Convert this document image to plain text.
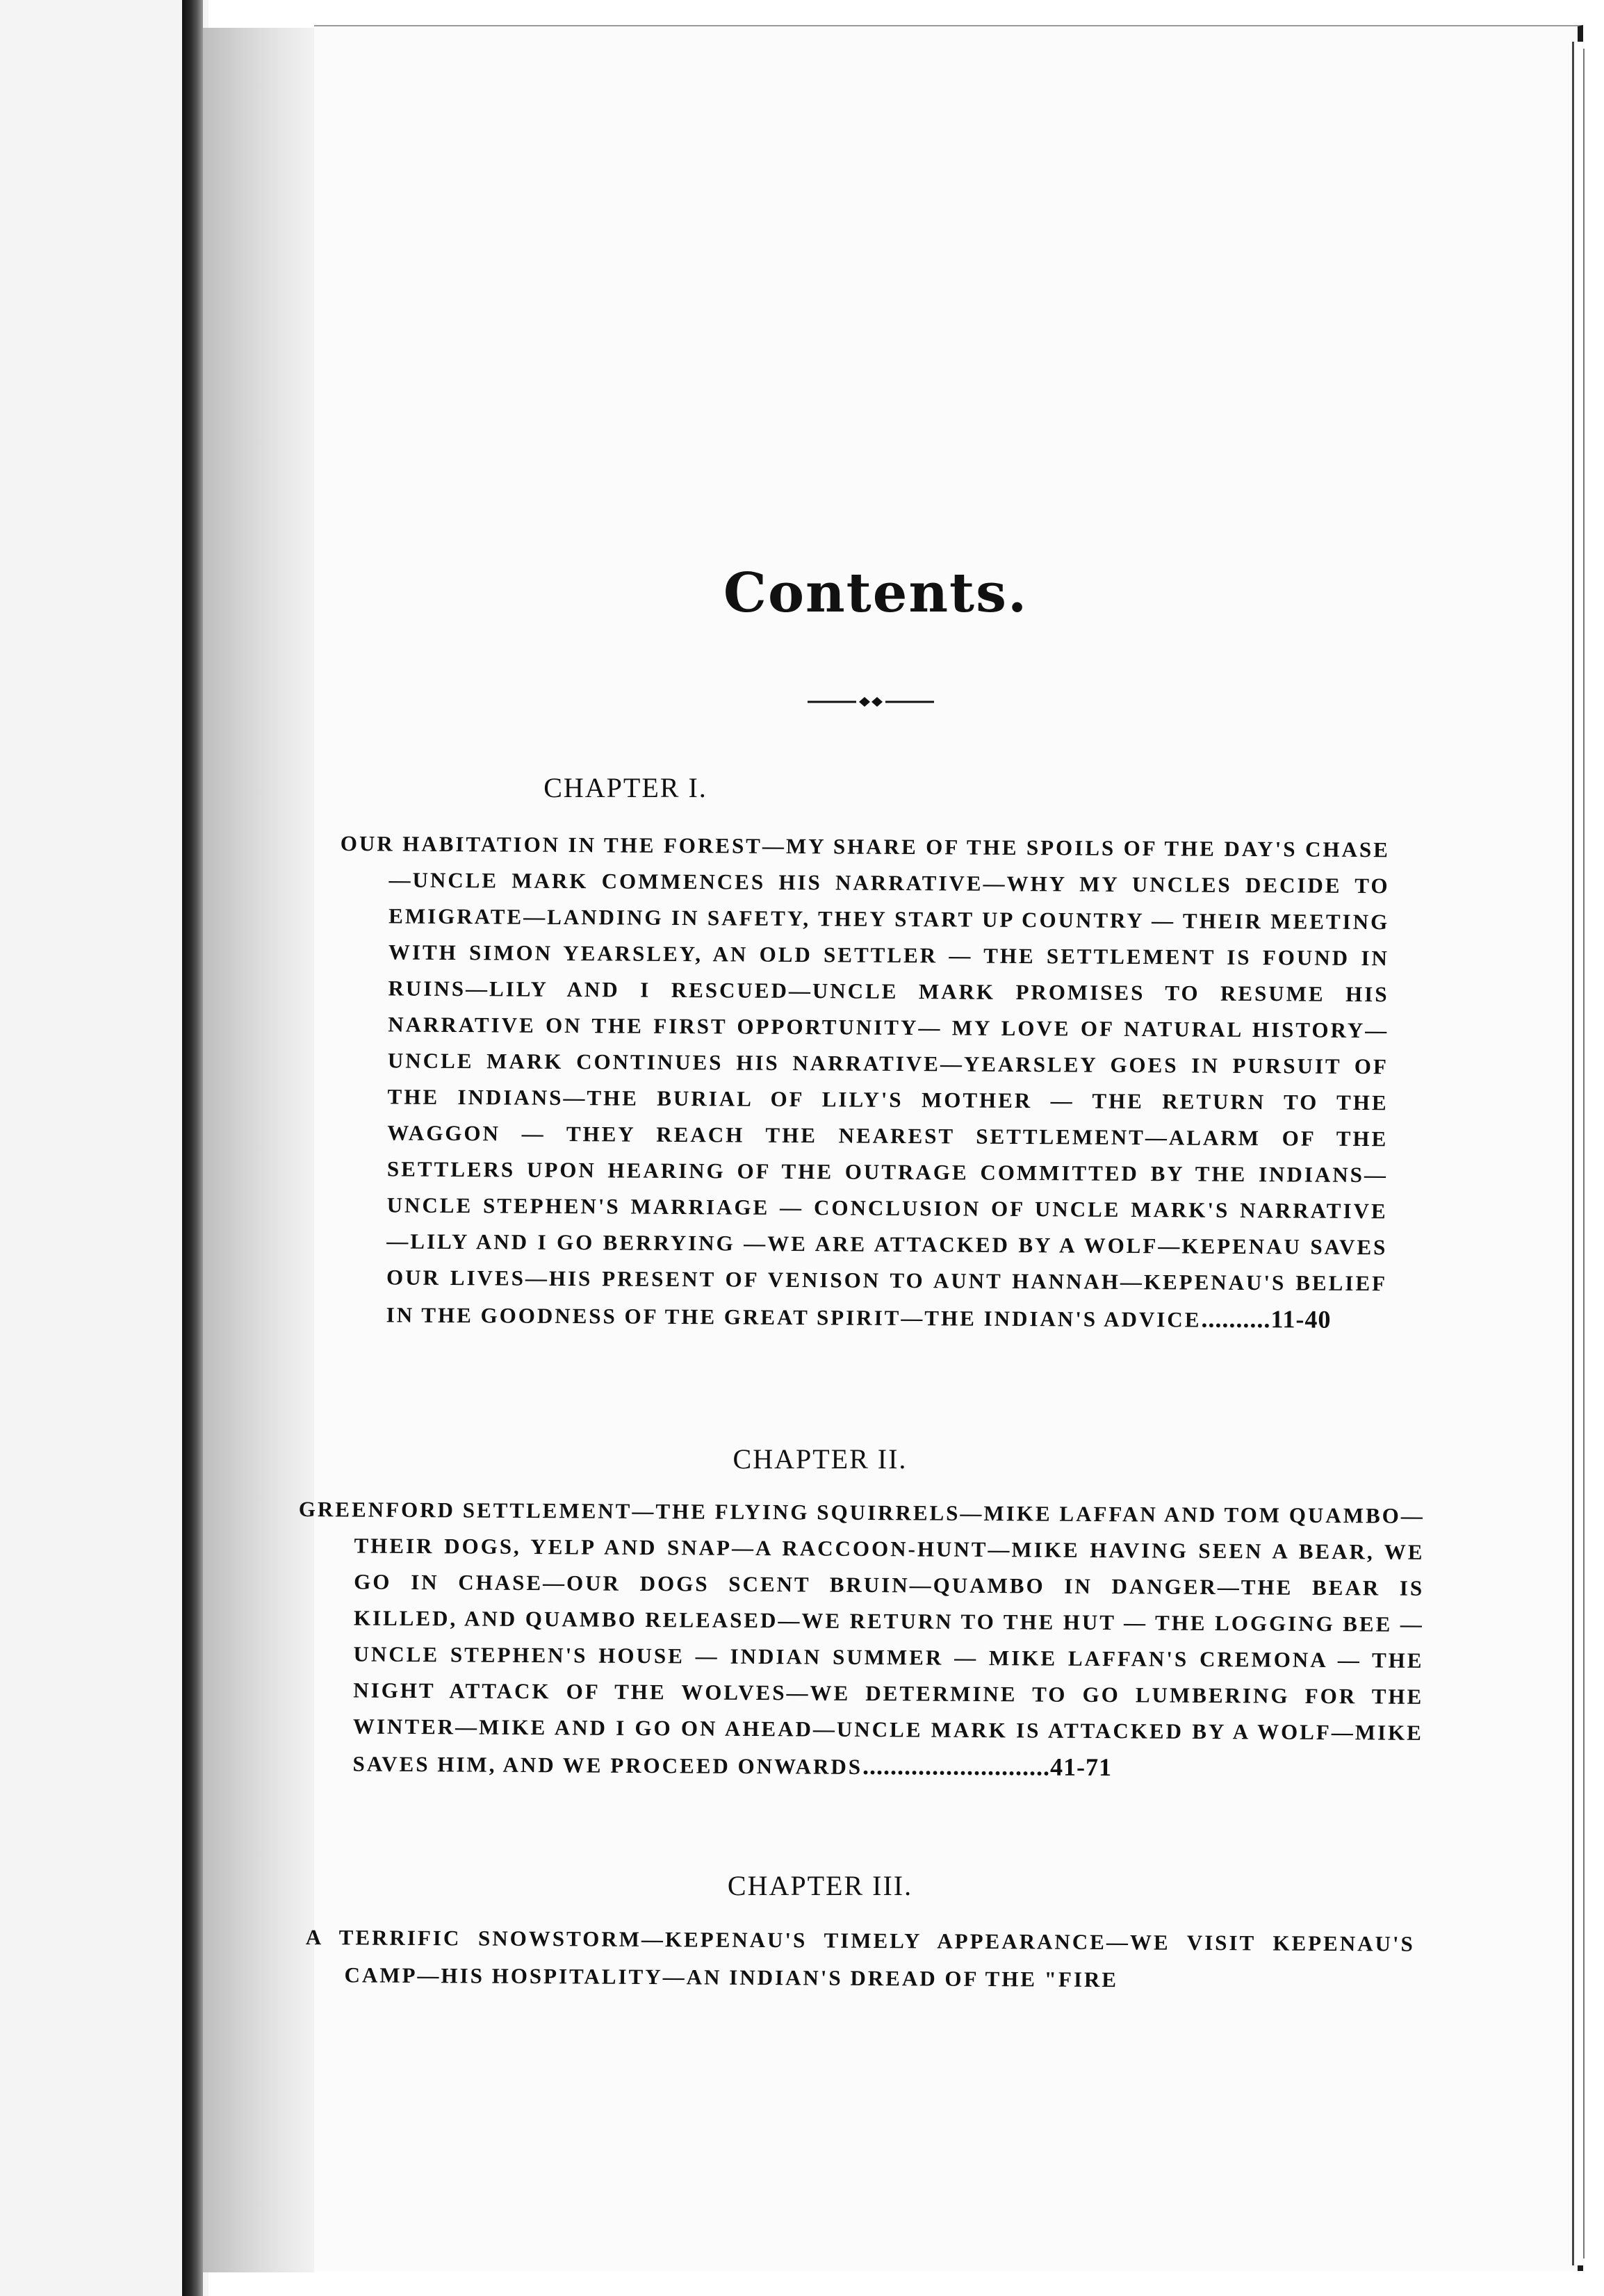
Contents.
CHAPTER I.
OUR HABITATION IN THE FOREST—MY SHARE OF THE SPOILS OF THE DAY'S CHASE—UNCLE MARK COMMENCES HIS NARRATIVE—WHY MY UNCLES DECIDE TO EMIGRATE—LANDING IN SAFETY, THEY START UP COUNTRY — THEIR MEETING WITH SIMON YEARSLEY, AN OLD SETTLER — THE SETTLEMENT IS FOUND IN RUINS—LILY AND I RESCUED—UNCLE MARK PROMISES TO RESUME HIS NARRATIVE ON THE FIRST OPPORTUNITY— MY LOVE OF NATURAL HISTORY—UNCLE MARK CONTINUES HIS NARRATIVE—YEARSLEY GOES IN PURSUIT OF THE INDIANS—THE BURIAL OF LILY'S MOTHER — THE RETURN TO THE WAGGON — THEY REACH THE NEAREST SETTLEMENT—ALARM OF THE SETTLERS UPON HEARING OF THE OUTRAGE COMMITTED BY THE INDIANS—UNCLE STEPHEN'S MARRIAGE — CONCLUSION OF UNCLE MARK'S NARRATIVE—LILY AND I GO BERRYING —WE ARE ATTACKED BY A WOLF—KEPENAU SAVES OUR LIVES—HIS PRESENT OF VENISON TO AUNT HANNAH—KEPENAU'S BELIEF IN THE GOODNESS OF THE GREAT SPIRIT—THE INDIAN'S ADVICE..........11-40
CHAPTER II.
GREENFORD SETTLEMENT—THE FLYING SQUIRRELS—MIKE LAFFAN AND TOM QUAMBO—THEIR DOGS, YELP AND SNAP—A RACCOON-HUNT—MIKE HAVING SEEN A BEAR, WE GO IN CHASE—OUR DOGS SCENT BRUIN—QUAMBO IN DANGER—THE BEAR IS KILLED, AND QUAMBO RELEASED—WE RETURN TO THE HUT — THE LOGGING BEE — UNCLE STEPHEN'S HOUSE — INDIAN SUMMER — MIKE LAFFAN'S CREMONA — THE NIGHT ATTACK OF THE WOLVES—WE DETERMINE TO GO LUMBERING FOR THE WINTER—MIKE AND I GO ON AHEAD—UNCLE MARK IS ATTACKED BY A WOLF—MIKE SAVES HIM, AND WE PROCEED ONWARDS...........................41-71
CHAPTER III.
A TERRIFIC SNOWSTORM—KEPENAU'S TIMELY APPEARANCE—WE VISIT KEPENAU'S CAMP—HIS HOSPITALITY—AN INDIAN'S DREAD OF THE "FIRE
